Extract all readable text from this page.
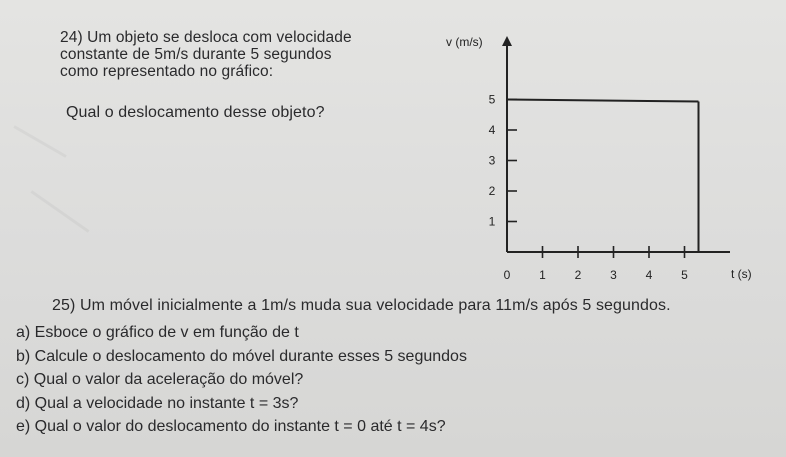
24) Um objeto se desloca com velocidade
constante de 5m/s durante 5 segundos
como representado no gráfico:
Qual o deslocamento desse objeto?
v (m/s)
t (s)
0 1 2 3 4 5
1
2
3
4
5
25) Um móvel inicialmente a 1m/s muda sua velocidade para 11m/s após 5 segundos.
a) Esboce o gráfico de v em função de t
b) Calcule o deslocamento do móvel durante esses 5 segundos
c) Qual o valor da aceleração do móvel?
d) Qual a velocidade no instante t = 3s?
e) Qual o valor do deslocamento do instante t = 0 até t = 4s?
